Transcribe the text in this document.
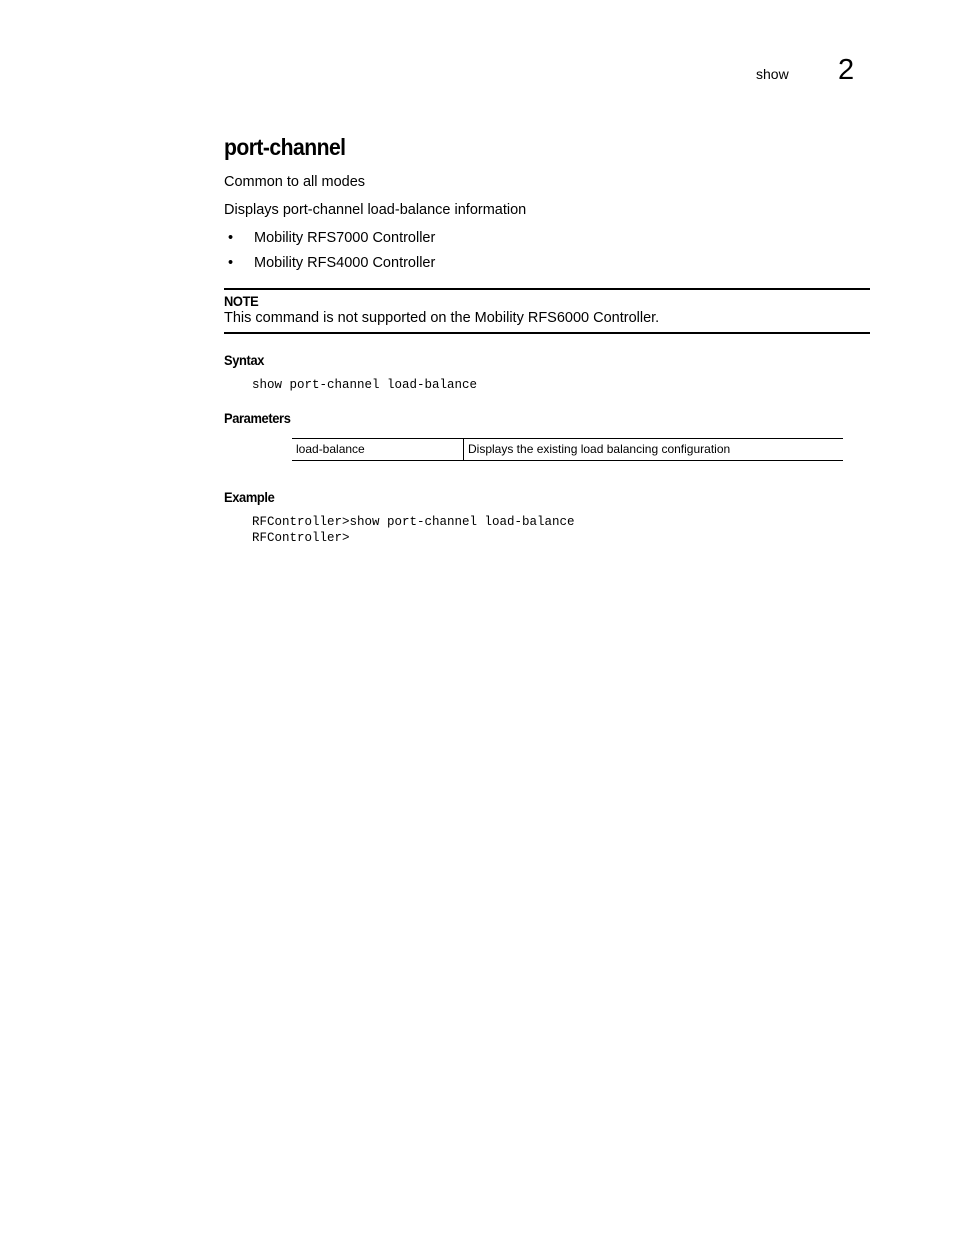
show 2
port-channel
Common to all modes
Displays port-channel load-balance information
• Mobility RFS7000 Controller
• Mobility RFS4000 Controller
NOTE
This command is not supported on the Mobility RFS6000 Controller.
Syntax
show port-channel load-balance
Parameters
load-balance	Displays the existing load balancing configuration
Example
RFController>show port-channel load-balance
RFController>
